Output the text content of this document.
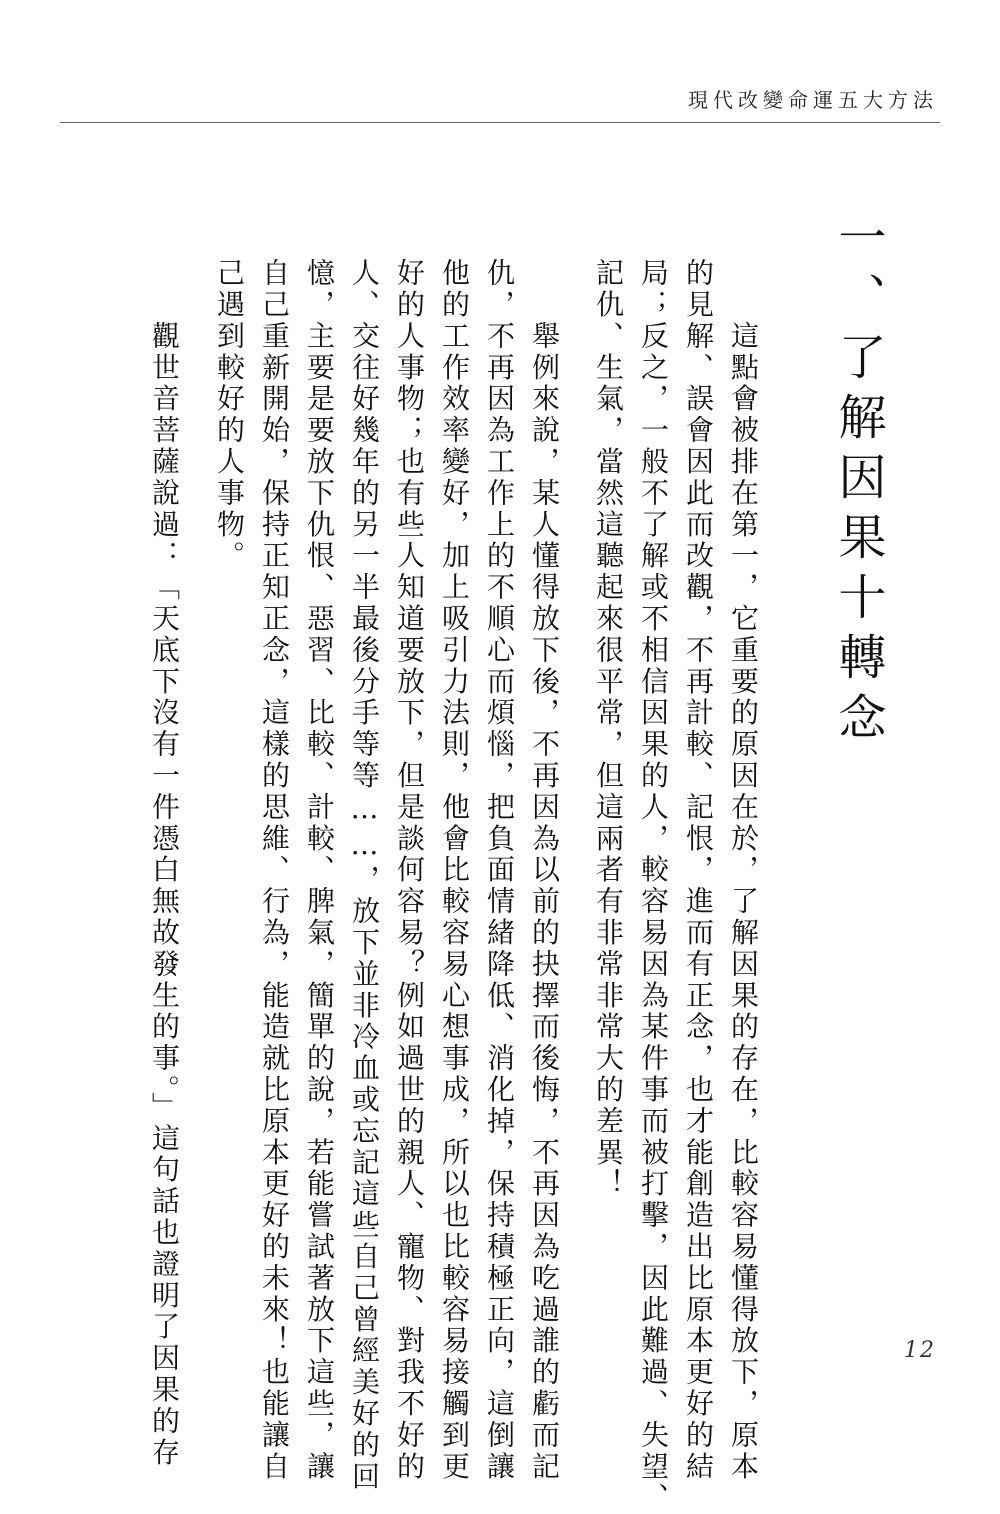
現代改變命運五大方法
一、了解因果十轉念
　　這點會被排在第一，它重要的原因在於，了解因果的存在，比較容易懂得放下，原本
的見解、誤會因此而改觀，不再計較、記恨，進而有正念，也才能創造出比原本更好的結
局；反之，一般不了解或不相信因果的人，較容易因為某件事而被打擊，因此難過、失望、
記仇、生氣，當然這聽起來很平常，但這兩者有非常非常大的差異！
　　舉例來說，某人懂得放下後，不再因為以前的抉擇而後悔，不再因為吃過誰的虧而記
仇，不再因為工作上的不順心而煩惱，把負面情緒降低、消化掉，保持積極正向，這倒讓
他的工作效率變好，加上吸引力法則，他會比較容易心想事成，所以也比較容易接觸到更
好的人事物；也有些人知道要放下，但是談何容易？例如過世的親人、寵物、對我不好的
人、交往好幾年的另一半最後分手等等……，放下並非冷血或忘記這些自己曾經美好的回
憶，主要是要放下仇恨、惡習、比較、計較、脾氣，簡單的說，若能嘗試著放下這些，讓
自己重新開始，保持正知正念，這樣的思維、行為，能造就比原本更好的未來！也能讓自
己遇到較好的人事物。
　　觀世音菩薩說過：「天底下沒有一件憑白無故發生的事。」這句話也證明了因果的存	12
